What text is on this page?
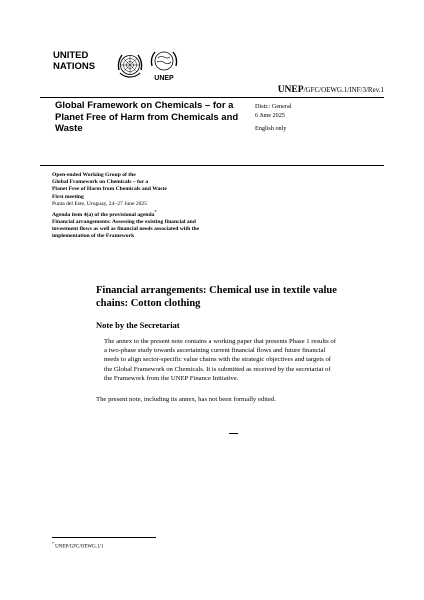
UNITED
NATIONS
UNEP
UNEP/GFC/OEWG.1/INF/3/Rev.1
Global Framework on Chemicals – for a Planet Free of Harm from Chemicals and Waste
Distr.: General
6 June 2025
English only
Open-ended Working Group of the
Global Framework on Chemicals – for a
Planet Free of Harm from Chemicals and Waste
First meeting
Punta del Este, Uruguay, 24–27 June 2025
Agenda item 4(a) of the provisional agenda*
Financial arrangements: Assessing the existing financial and
investment flows as well as financial needs associated with the
implementation of the Framework
Financial arrangements: Chemical use in textile value chains: Cotton clothing
Note by the Secretariat
The annex to the present note contains a working paper that presents Phase 1 results of
a two-phase study towards ascertaining current financial flows and future financial
needs to align sector-specific value chains with the strategic objectives and targets of
the Global Framework on Chemicals. It is submitted as received by the secretariat of
the Framework from the UNEP Finance Initiative.
The present note, including its annex, has not been formally edited.
* UNEP/GFC/OEWG.1/1
